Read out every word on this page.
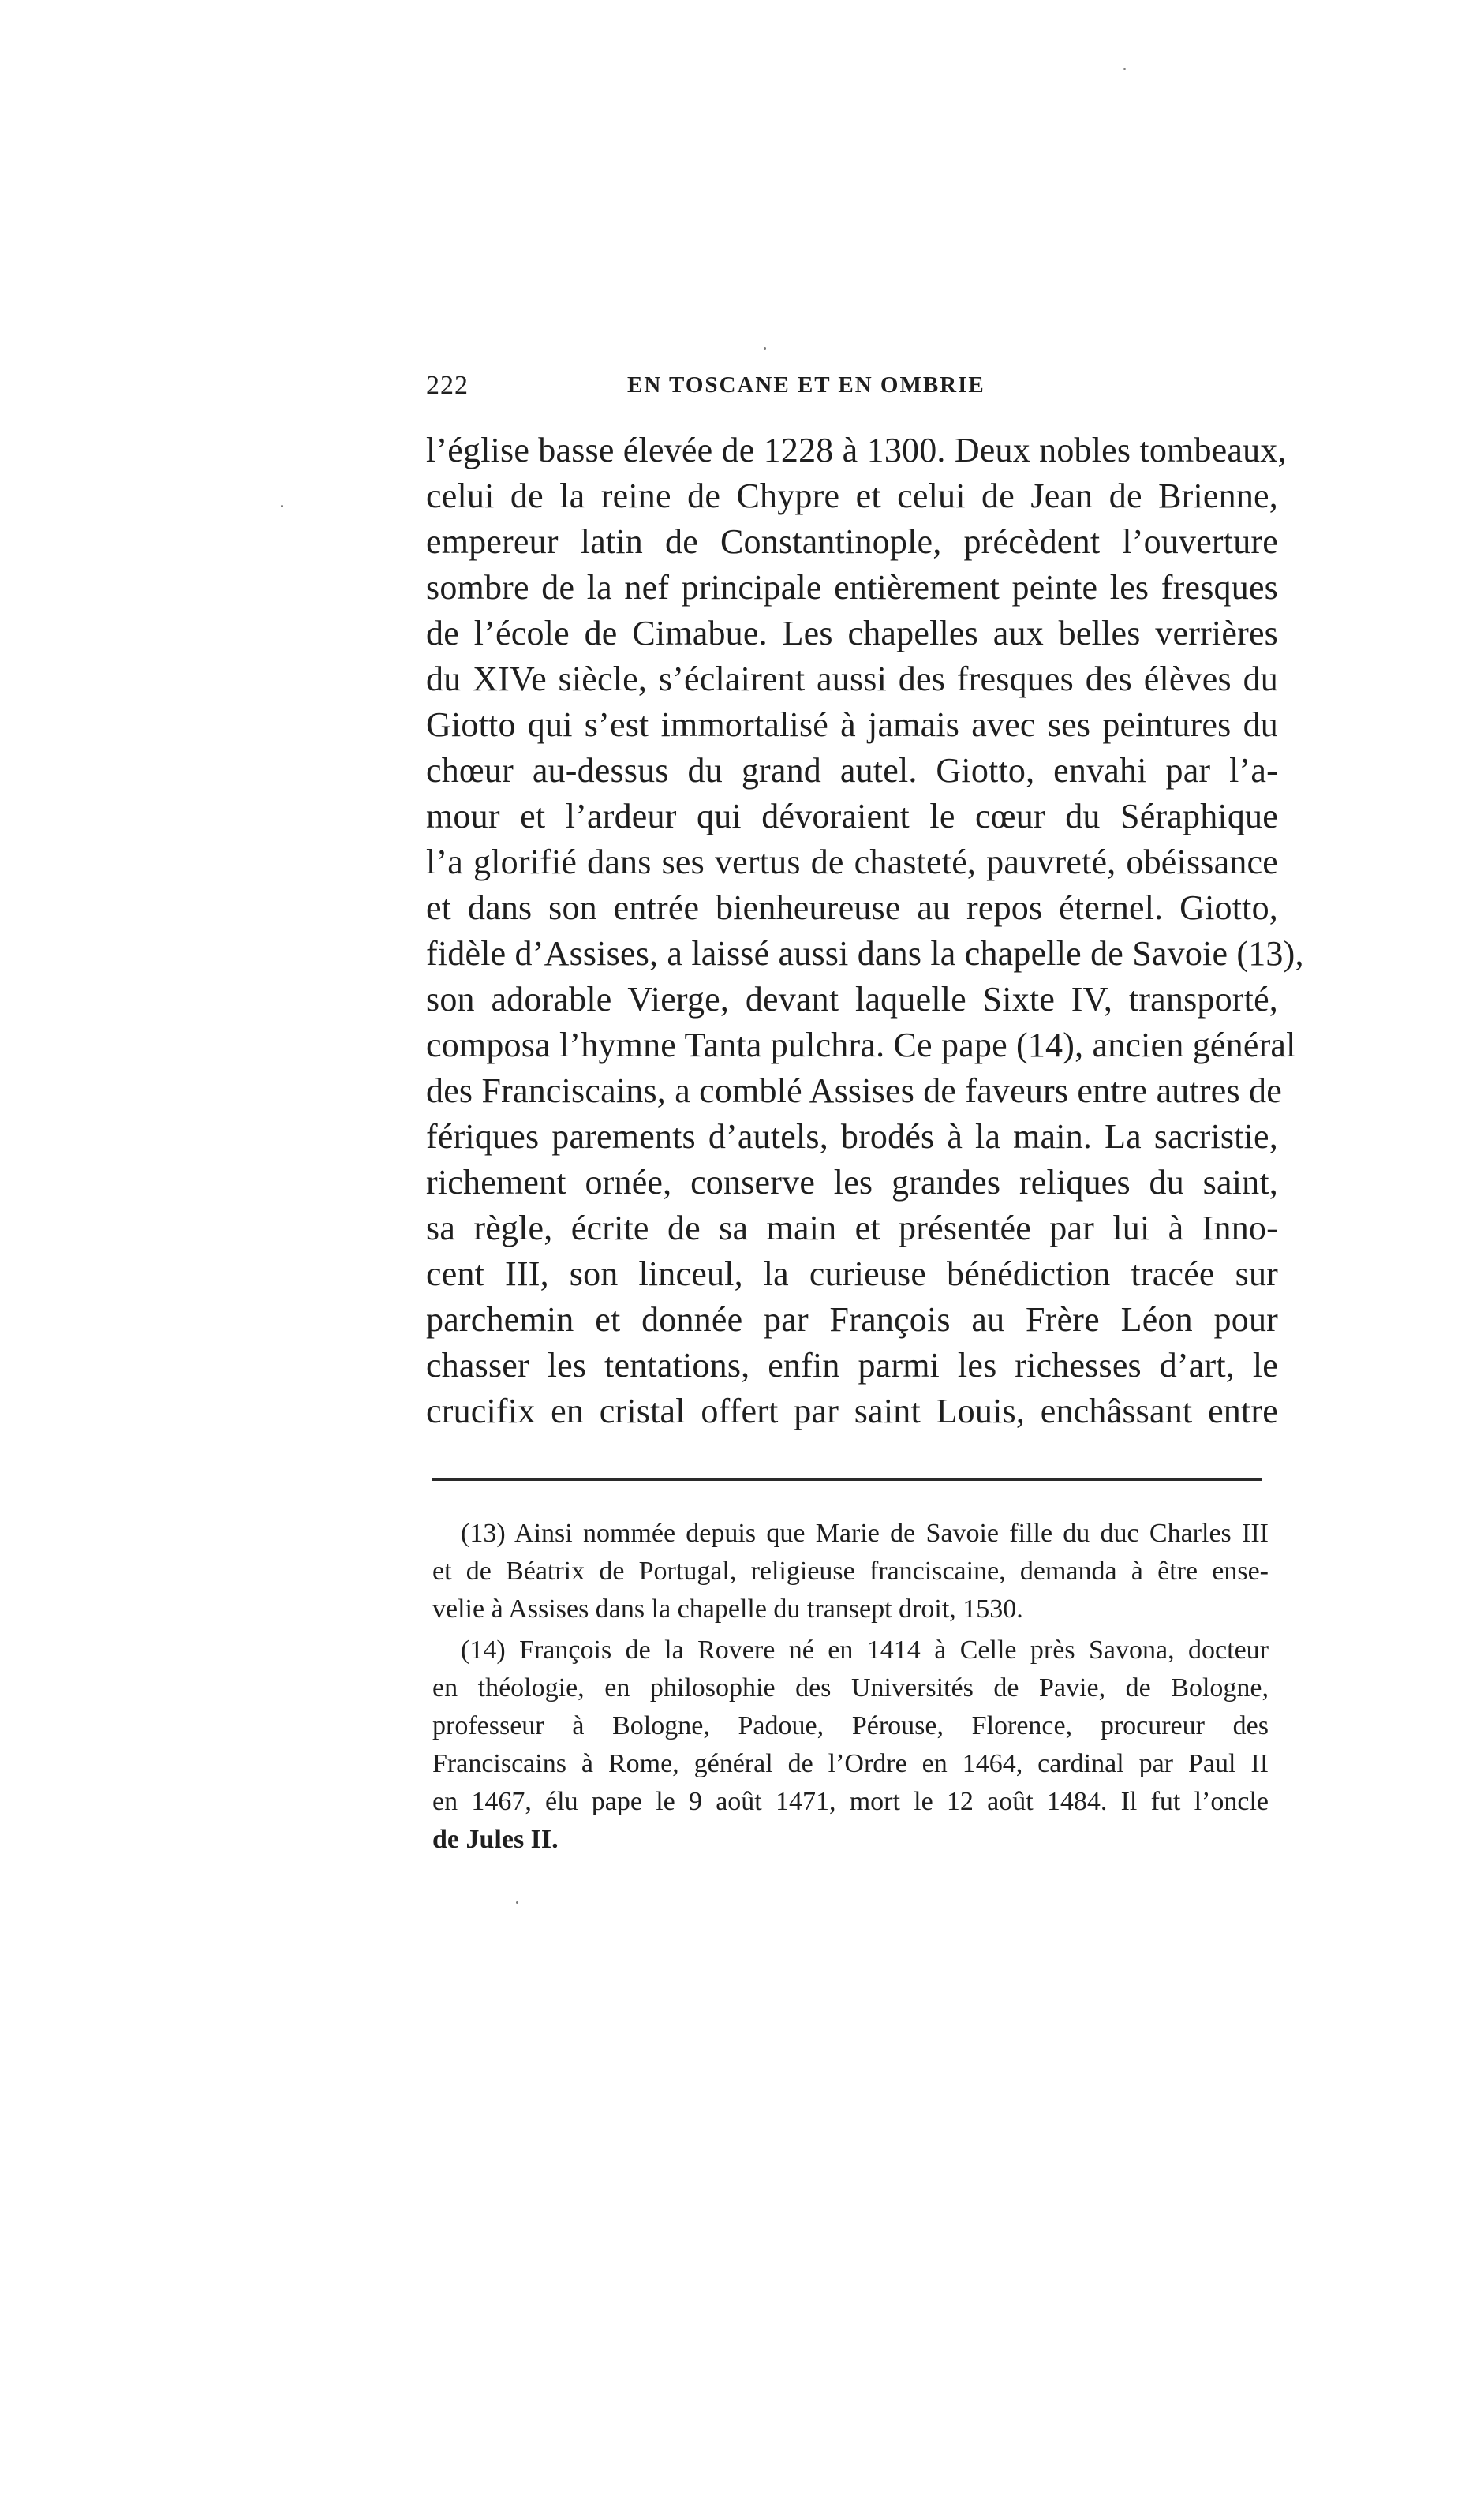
222	EN TOSCANE ET EN OMBRIE
l’église basse élevée de 1228 à 1300. Deux nobles tombeaux,
celui de la reine de Chypre et celui de Jean de Brienne,
empereur latin de Constantinople, précèdent l’ouverture
sombre de la nef principale entièrement peinte les fresques
de l’école de Cimabue. Les chapelles aux belles verrières
du XIVe siècle, s’éclairent aussi des fresques des élèves du
Giotto qui s’est immortalisé à jamais avec ses peintures du
chœur au-dessus du grand autel. Giotto, envahi par l’a-
mour et l’ardeur qui dévoraient le cœur du Séraphique
l’a glorifié dans ses vertus de chasteté, pauvreté, obéissance
et dans son entrée bienheureuse au repos éternel. Giotto,
fidèle d’Assises, a laissé aussi dans la chapelle de Savoie (13),
son adorable Vierge, devant laquelle Sixte IV, transporté,
composa l’hymne Tanta pulchra. Ce pape (14), ancien général
des Franciscains, a comblé Assises de faveurs entre autres de
fériques parements d’autels, brodés à la main. La sacristie,
richement ornée, conserve les grandes reliques du saint,
sa règle, écrite de sa main et présentée par lui à Inno-
cent III, son linceul, la curieuse bénédiction tracée sur
parchemin et donnée par François au Frère Léon pour
chasser les tentations, enfin parmi les richesses d’art, le
crucifix en cristal offert par saint Louis, enchâssant entre
(13) Ainsi nommée depuis que Marie de Savoie fille du duc Charles III
et de Béatrix de Portugal, religieuse franciscaine, demanda à être ense-
velie à Assises dans la chapelle du transept droit, 1530.
(14) François de la Rovere né en 1414 à Celle près Savona, docteur
en théologie, en philosophie des Universités de Pavie, de Bologne,
professeur à Bologne, Padoue, Pérouse, Florence, procureur des
Franciscains à Rome, général de l’Ordre en 1464, cardinal par Paul II
en 1467, élu pape le 9 août 1471, mort le 12 août 1484. Il fut l’oncle
de Jules II.
